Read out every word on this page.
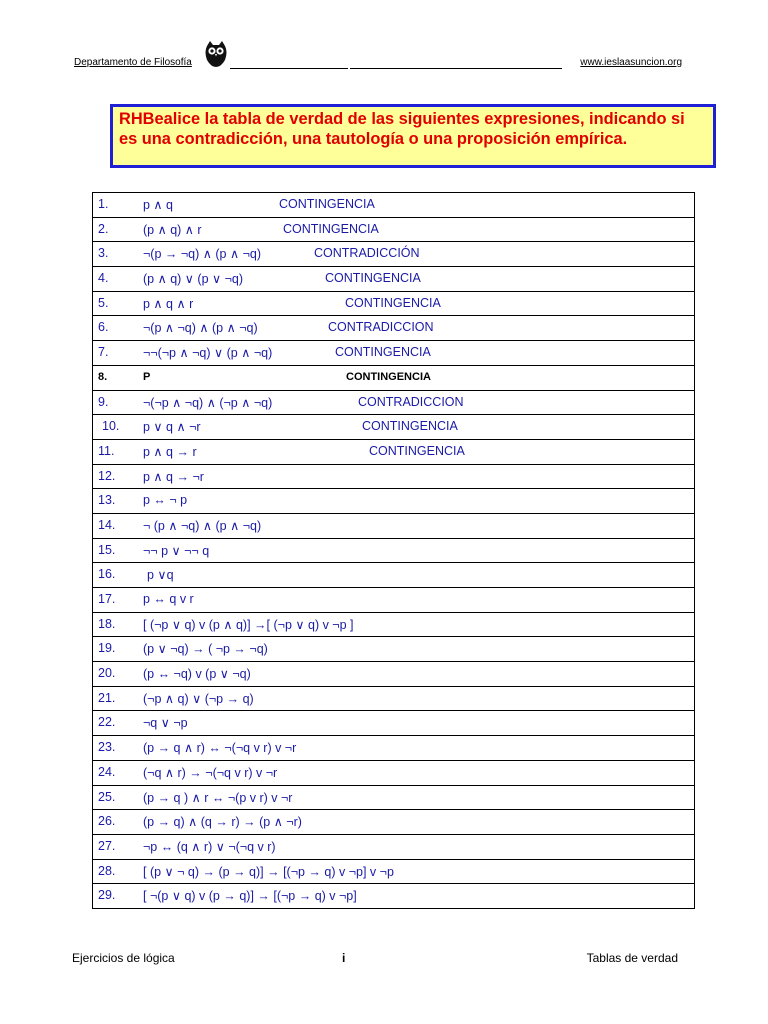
Departamento de Filosofía	www.ieslaasuncion.org
RHBealice la tabla de verdad de las siguientes expresiones, indicando si es una contradicción, una tautología o una proposición empírica.
1.	p ∧ q	CONTINGENCIA

2.	(p ∧ q) ∧ r	CONTINGENCIA

3.	¬(p → ¬q) ∧ (p ∧ ¬q)	CONTRADICCIÓN

4.	(p ∧ q) ∨ (p ∨ ¬q)	CONTINGENCIA

5.	p ∧ q ∧ r	CONTINGENCIA

6.	¬(p ∧ ¬q) ∧ (p ∧ ¬q)	CONTRADICCION

7.	¬¬(¬p ∧ ¬q) ∨ (p ∧ ¬q)	CONTINGENCIA

8.	P	CONTINGENCIA

9.	¬(¬p ∧ ¬q) ∧ (¬p ∧ ¬q)	CONTRADICCION

10. p ∨ q ∧ ¬r	CONTINGENCIA

11. p ∧ q → r	CONTINGENCIA

12. p ∧ q → ¬r

13. p ↔ ¬ p

14. ¬ (p ∧ ¬q) ∧ (p ∧ ¬q)

15. ¬¬ p ∨ ¬¬ q

16.	p ∨q

17. p ↔ q v r

18. [ (¬p ∨ q) v (p ∧ q)] →[ (¬p ∨ q) v ¬p ]

19. (p ∨ ¬q) → ( ¬p → ¬q)

20. (p ↔ ¬q) v (p ∨ ¬q)

21. (¬p ∧ q) ∨ (¬p → q)

22. ¬q ∨ ¬p

23. (p → q ∧ r) ↔ ¬(¬q v r) v ¬r

24. (¬q ∧ r) → ¬(¬q v r) v ¬r

25. (p → q ) ∧ r ↔ ¬(p v r) v ¬r

26. (p → q) ∧ (q → r) → (p ∧ ¬r)

27. ¬p ↔ (q ∧ r) ∨ ¬(¬q v r)

28. [ (p ∨ ¬ q) → (p → q)] → [(¬p → q) v ¬p] v ¬p

29. [ ¬(p ∨ q) v (p → q)] → [(¬p → q) v ¬p]
Ejercicios de lógica	i	Tablas de verdad
